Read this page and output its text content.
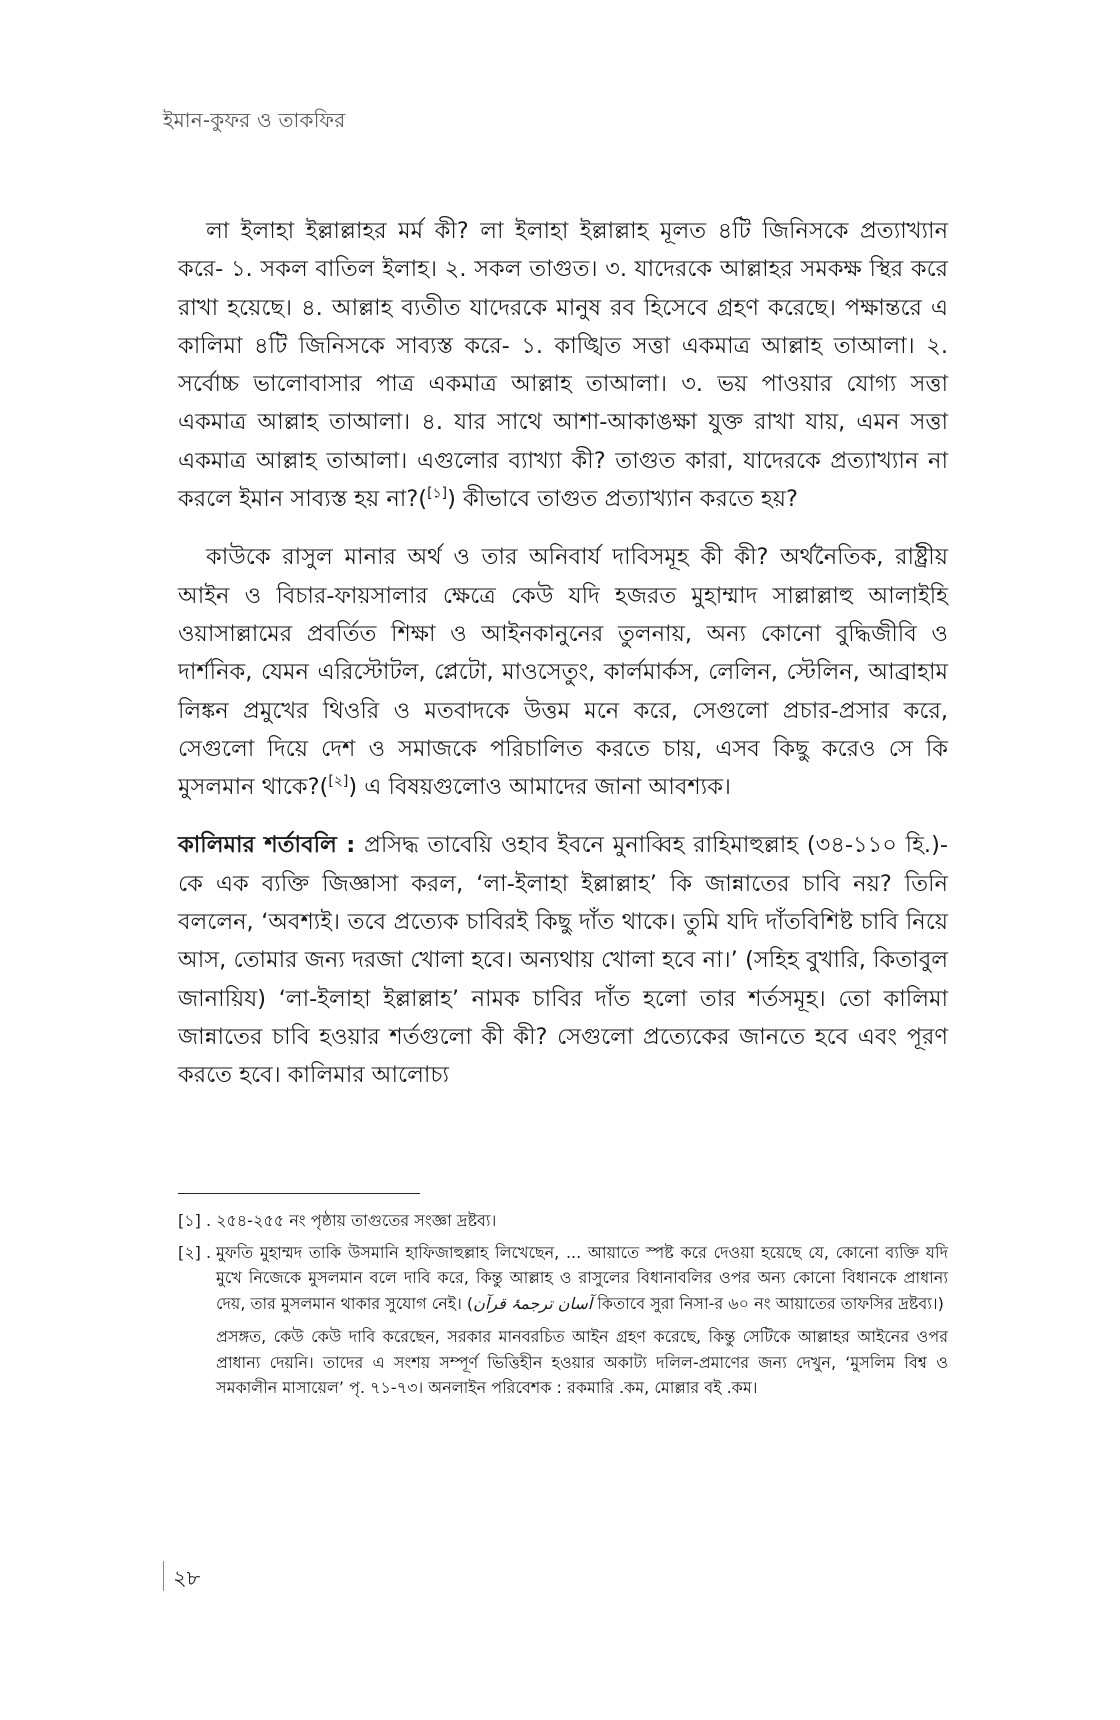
ইমান-কুফর ও তাকফির

লা ইলাহা ইল্লাল্লাহর মর্ম কী? লা ইলাহা ইল্লাল্লাহ মূলত ৪টি জিনিসকে প্রত্যাখ্যান করে- ১. সকল বাতিল ইলাহ। ২. সকল তাগুত। ৩. যাদেরকে আল্লাহর সমকক্ষ স্থির করে রাখা হয়েছে। ৪. আল্লাহ ব্যতীত যাদেরকে মানুষ রব হিসেবে গ্রহণ করেছে। পক্ষান্তরে এ কালিমা ৪টি জিনিসকে সাব্যস্ত করে- ১. কাঙ্খিত সত্তা একমাত্র আল্লাহ তাআলা। ২. সর্বোচ্চ ভালোবাসার পাত্র একমাত্র আল্লাহ তাআলা। ৩. ভয় পাওয়ার যোগ্য সত্তা একমাত্র আল্লাহ তাআলা। ৪. যার সাথে আশা-আকাঙক্ষা যুক্ত রাখা যায়, এমন সত্তা একমাত্র আল্লাহ তাআলা। এগুলোর ব্যাখ্যা কী? তাগুত কারা, যাদেরকে প্রত্যাখ্যান না করলে ইমান সাব্যস্ত হয় না?([১]) কীভাবে তাগুত প্রত্যাখ্যান করতে হয়?

কাউকে রাসুল মানার অর্থ ও তার অনিবার্য দাবিসমূহ কী কী? অর্থনৈতিক, রাষ্ট্রীয় আইন ও বিচার-ফায়সালার ক্ষেত্রে কেউ যদি হজরত মুহাম্মাদ সাল্লাল্লাহু আলাইহি ওয়াসাল্লামের প্রবর্তিত শিক্ষা ও আইনকানুনের তুলনায়, অন্য কোনো বুদ্ধিজীবি ও দার্শনিক, যেমন এরিস্টোটল, প্লেটো, মাওসেতুং, কার্লমার্কস, লেলিন, স্টেলিন, আব্রাহাম লিঙ্কন প্রমুখের থিওরি ও মতবাদকে উত্তম মনে করে, সেগুলো প্রচার-প্রসার করে, সেগুলো দিয়ে দেশ ও সমাজকে পরিচালিত করতে চায়, এসব কিছু করেও সে কি মুসলমান থাকে?([২]) এ বিষয়গুলোও আমাদের জানা আবশ্যক।

কালিমার শর্তাবলি : প্রসিদ্ধ তাবেয়ি ওহাব ইবনে মুনাব্বিহ রাহিমাহুল্লাহ (৩৪-১১০ হি.)-কে এক ব্যক্তি জিজ্ঞাসা করল, ‘লা-ইলাহা ইল্লাল্লাহ’ কি জান্নাতের চাবি নয়? তিনি বললেন, ‘অবশ্যই। তবে প্রত্যেক চাবিরই কিছু দাঁত থাকে। তুমি যদি দাঁতবিশিষ্ট চাবি নিয়ে আস, তোমার জন্য দরজা খোলা হবে। অন্যথায় খোলা হবে না।’ (সহিহ বুখারি, কিতাবুল জানায়িয) ‘লা-ইলাহা ইল্লাল্লাহ’ নামক চাবির দাঁত হলো তার শর্তসমূহ। তো কালিমা জান্নাতের চাবি হওয়ার শর্তগুলো কী কী? সেগুলো প্রত্যেকের জানতে হবে এবং পূরণ করতে হবে। কালিমার আলোচ্য

[১] . ২৫৪-২৫৫ নং পৃষ্ঠায় তাগুতের সংজ্ঞা দ্রষ্টব্য।
[২] . মুফতি মুহাম্মদ তাকি উসমানি হাফিজাহুল্লাহ লিখেছেন, ... আয়াতে স্পষ্ট করে দেওয়া হয়েছে যে, কোনো ব্যক্তি যদি মুখে নিজেকে মুসলমান বলে দাবি করে, কিন্তু আল্লাহ ও রাসুলের বিধানাবলির ওপর অন্য কোনো বিধানকে প্রাধান্য দেয়, তার মুসলমান থাকার সুযোগ নেই। (آسان ترجمۂ قرآن কিতাবে সুরা নিসা-র ৬০ নং আয়াতের তাফসির দ্রষ্টব্য।)
প্রসঙ্গত, কেউ কেউ দাবি করেছেন, সরকার মানবরচিত আইন গ্রহণ করেছে, কিন্তু সেটিকে আল্লাহর আইনের ওপর প্রাধান্য দেয়নি। তাদের এ সংশয় সম্পূর্ণ ভিত্তিহীন হওয়ার অকাট্য দলিল-প্রমাণের জন্য দেখুন, ‘মুসলিম বিশ্ব ও সমকালীন মাসায়েল’ পৃ. ৭১-৭৩। অনলাইন পরিবেশক : রকমারি .কম, মোল্লার বই .কম।
২৮
